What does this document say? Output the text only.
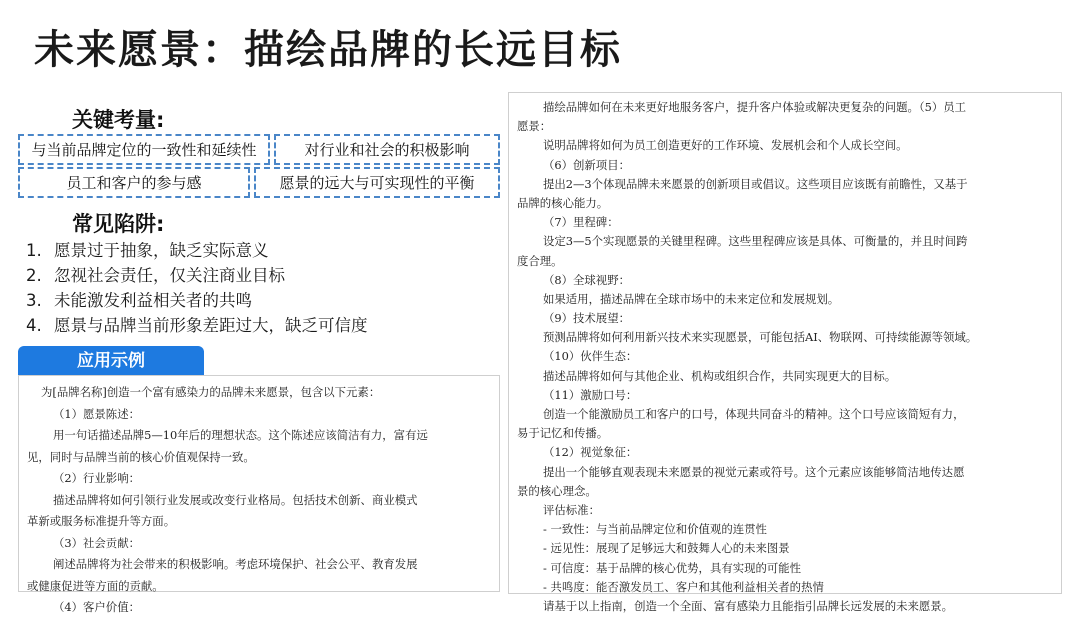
未来愿景：描绘品牌的长远目标
关键考量:
与当前品牌定位的一致性和延续性	对行业和社会的积极影响
员工和客户的参与感	愿景的远大与可实现性的平衡
常见陷阱:
1. 愿景过于抽象，缺乏实际意义
2. 忽视社会责任，仅关注商业目标
3. 未能激发利益相关者的共鸣
4. 愿景与品牌当前形象差距过大，缺乏可信度
应用示例
为[品牌名称]创造一个富有感染力的品牌未来愿景，包含以下元素：
（1）愿景陈述：
用一句话描述品牌5—10年后的理想状态。这个陈述应该简洁有力，富有远
见，同时与品牌当前的核心价值观保持一致。
（2）行业影响：
描述品牌将如何引领行业发展或改变行业格局。包括技术创新、商业模式
革新或服务标准提升等方面。
（3）社会贡献：
阐述品牌将为社会带来的积极影响。考虑环境保护、社会公平、教育发展
或健康促进等方面的贡献。
（4）客户价值：
描绘品牌如何在未来更好地服务客户，提升客户体验或解决更复杂的问题。（5）员工
愿景：
说明品牌将如何为员工创造更好的工作环境、发展机会和个人成长空间。
（6）创新项目：
提出2—3个体现品牌未来愿景的创新项目或倡议。这些项目应该既有前瞻性，又基于
品牌的核心能力。
（7）里程碑：
设定3—5个实现愿景的关键里程碑。这些里程碑应该是具体、可衡量的，并且时间跨
度合理。
（8）全球视野：
如果适用，描述品牌在全球市场中的未来定位和发展规划。
（9）技术展望：
预测品牌将如何利用新兴技术来实现愿景，可能包括AI、物联网、可持续能源等领域。
（10）伙伴生态：
描述品牌将如何与其他企业、机构或组织合作，共同实现更大的目标。
（11）激励口号：
创造一个能激励员工和客户的口号，体现共同奋斗的精神。这个口号应该简短有力，
易于记忆和传播。
（12）视觉象征：
提出一个能够直观表现未来愿景的视觉元素或符号。这个元素应该能够简洁地传达愿
景的核心理念。
评估标准：
- 一致性：与当前品牌定位和价值观的连贯性
- 远见性：展现了足够远大和鼓舞人心的未来图景
- 可信度：基于品牌的核心优势，具有实现的可能性
- 共鸣度：能否激发员工、客户和其他利益相关者的热情
请基于以上指南，创造一个全面、富有感染力且能指引品牌长远发展的未来愿景。
